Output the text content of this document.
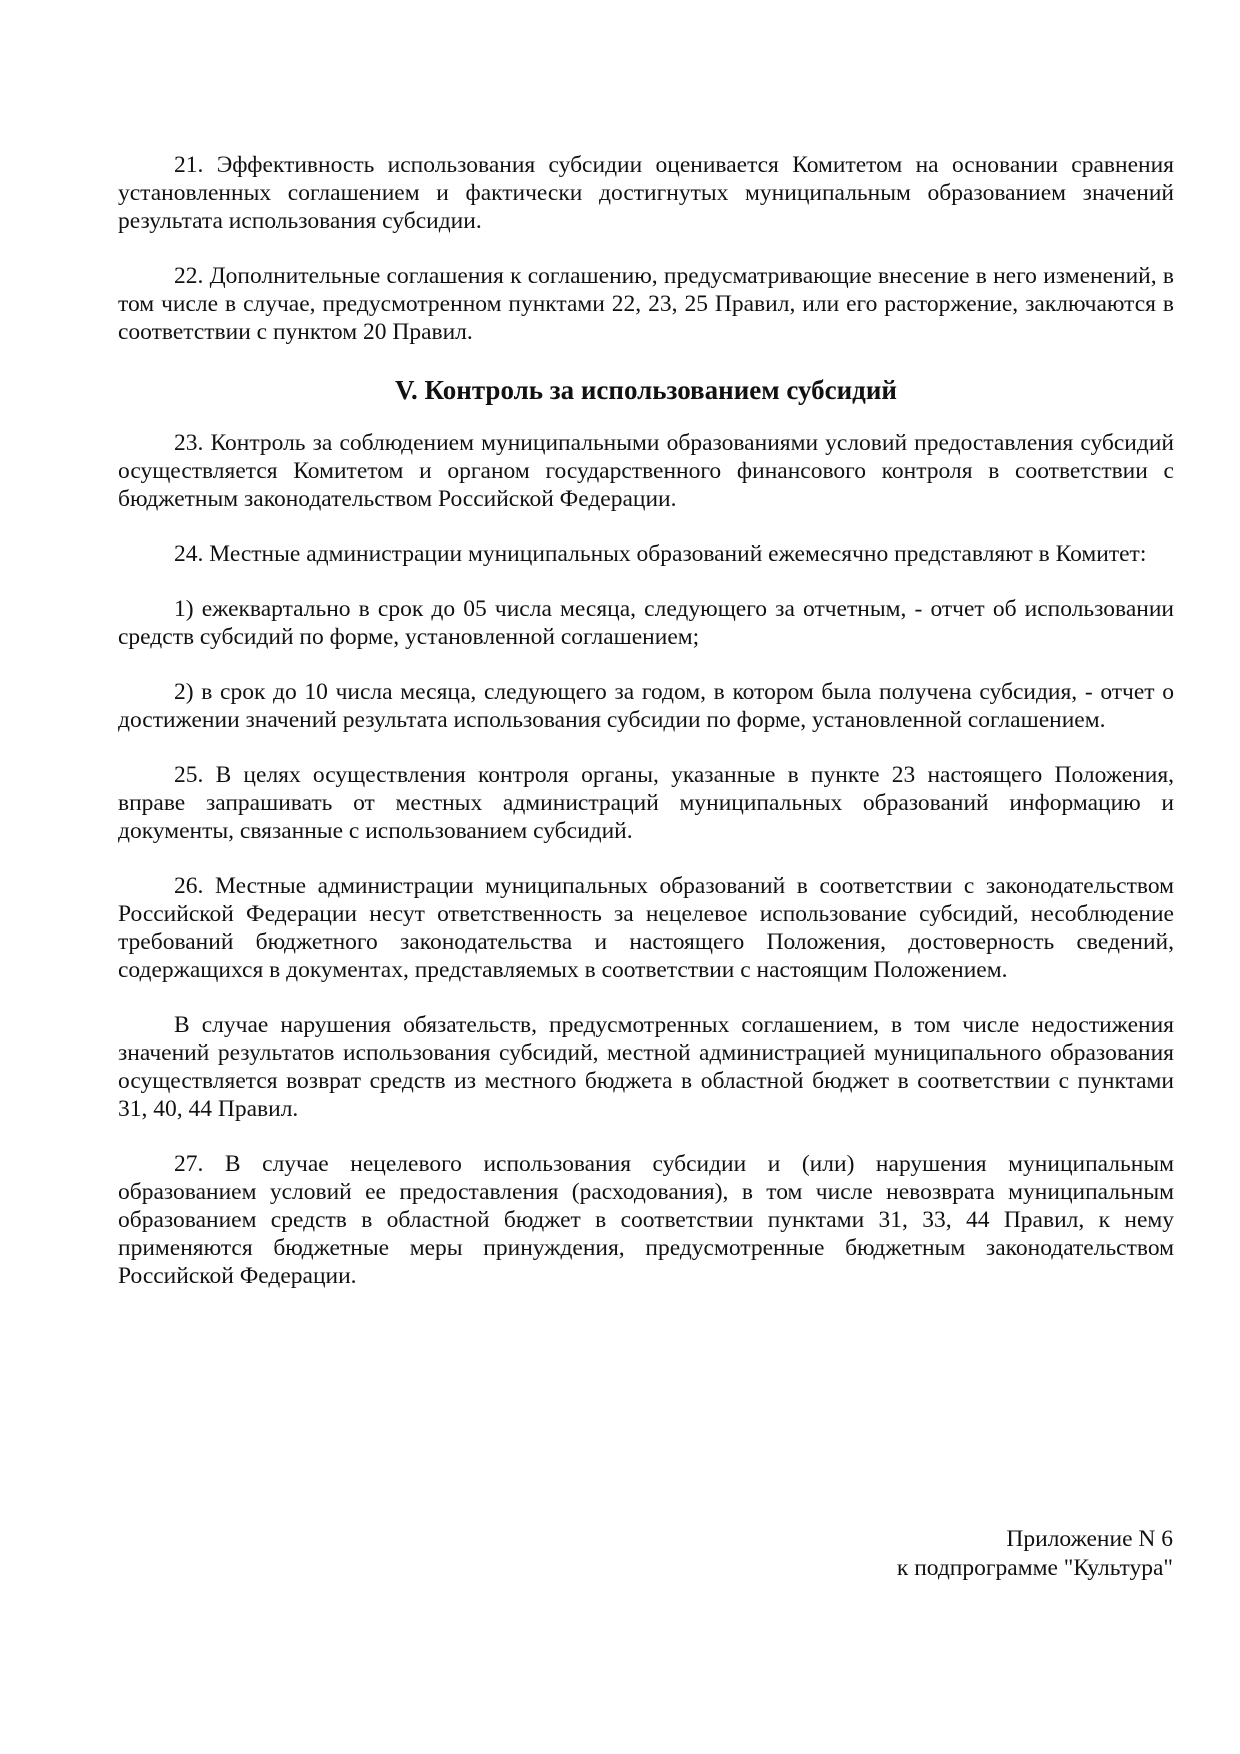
21. Эффективность использования субсидии оценивается Комитетом на основании сравнения установленных соглашением и фактически достигнутых муниципальным образованием значений результата использования субсидии.

22. Дополнительные соглашения к соглашению, предусматривающие внесение в него изменений, в том числе в случае, предусмотренном пунктами 22, 23, 25 Правил, или его расторжение, заключаются в соответствии с пунктом 20 Правил.

V. Контроль за использованием субсидий

23. Контроль за соблюдением муниципальными образованиями условий предоставления субсидий осуществляется Комитетом и органом государственного финансового контроля в соответствии с бюджетным законодательством Российской Федерации.

24. Местные администрации муниципальных образований ежемесячно представляют в Комитет:

1) ежеквартально в срок до 05 числа месяца, следующего за отчетным, - отчет об использовании средств субсидий по форме, установленной соглашением;

2) в срок до 10 числа месяца, следующего за годом, в котором была получена субсидия, - отчет о достижении значений результата использования субсидии по форме, установленной соглашением.

25. В целях осуществления контроля органы, указанные в пункте 23 настоящего Положения, вправе запрашивать от местных администраций муниципальных образований информацию и документы, связанные с использованием субсидий.

26. Местные администрации муниципальных образований в соответствии с законодательством Российской Федерации несут ответственность за нецелевое использование субсидий, несоблюдение требований бюджетного законодательства и настоящего Положения, достоверность сведений, содержащихся в документах, представляемых в соответствии с настоящим Положением.

В случае нарушения обязательств, предусмотренных соглашением, в том числе недостижения значений результатов использования субсидий, местной администрацией муниципального образования осуществляется возврат средств из местного бюджета в областной бюджет в соответствии с пунктами 31, 40, 44 Правил.

27. В случае нецелевого использования субсидии и (или) нарушения муниципальным образованием условий ее предоставления (расходования), в том числе невозврата муниципальным образованием средств в областной бюджет в соответствии пунктами 31, 33, 44 Правил, к нему применяются бюджетные меры принуждения, предусмотренные бюджетным законодательством Российской Федерации.

Приложение N 6
к подпрограмме "Культура"
